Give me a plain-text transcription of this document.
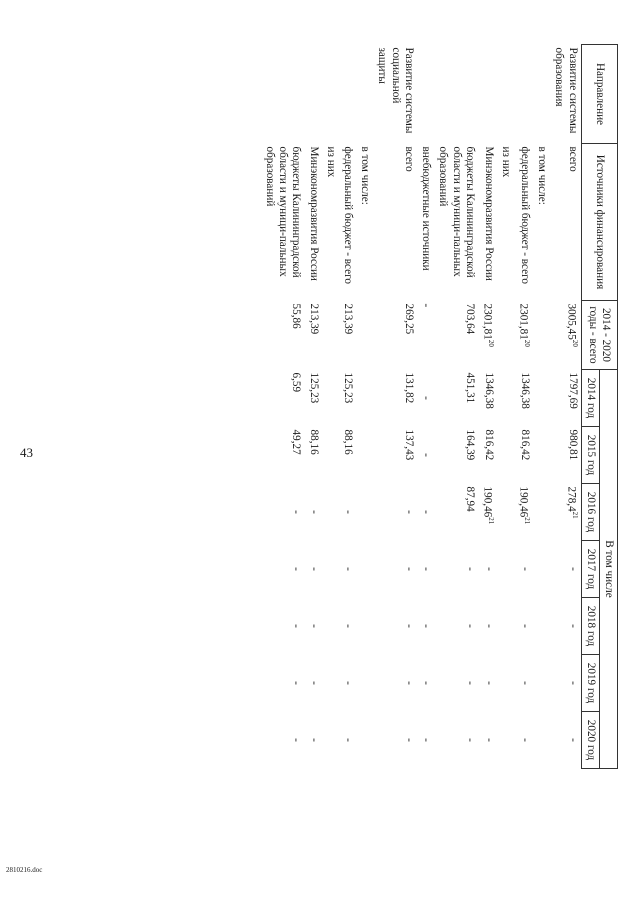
43
2810216.doc
Направление	Источники финансирования	2014 - 2020 годы - всего	В том числе						
			2014 год	2015 год	2016 год	2017 год	2018 год	2019 год	2020 год
Развитие системы образования	всего	3005,45$^{20}$	1797,69	980,81	278,4$^{21}$	-	-	-	-
	в том числе:								
	федеральный бюджет - всего	2301,81$^{20}$	1346,38	816,42	190,46$^{21}$	-	-	-	-
	из них								
	Минэкономразвития России	2301,81$^{20}$	1346,38	816,42	190,46$^{21}$	-	-	-	-
	бюджеты Калининградской области и муници-пальных образований	703,64	451,31	164,39	87,94	-	-	-	-
	внебюджетные источники	-	-	-	-	-	-	-	-
Развитие системы социальной защиты	всего	269,25	131,82	137,43	-	-	-	-	-
	в том числе:								
	федеральный бюджет - всего	213,39	125,23	88,16	-	-	-	-	-
	из них								
	Минэкономразвития России	213,39	125,23	88,16	-	-	-	-	-
	бюджеты Калининградской области и муници-пальных образований	55,86	6,59	49,27	-	-	-	-	-
